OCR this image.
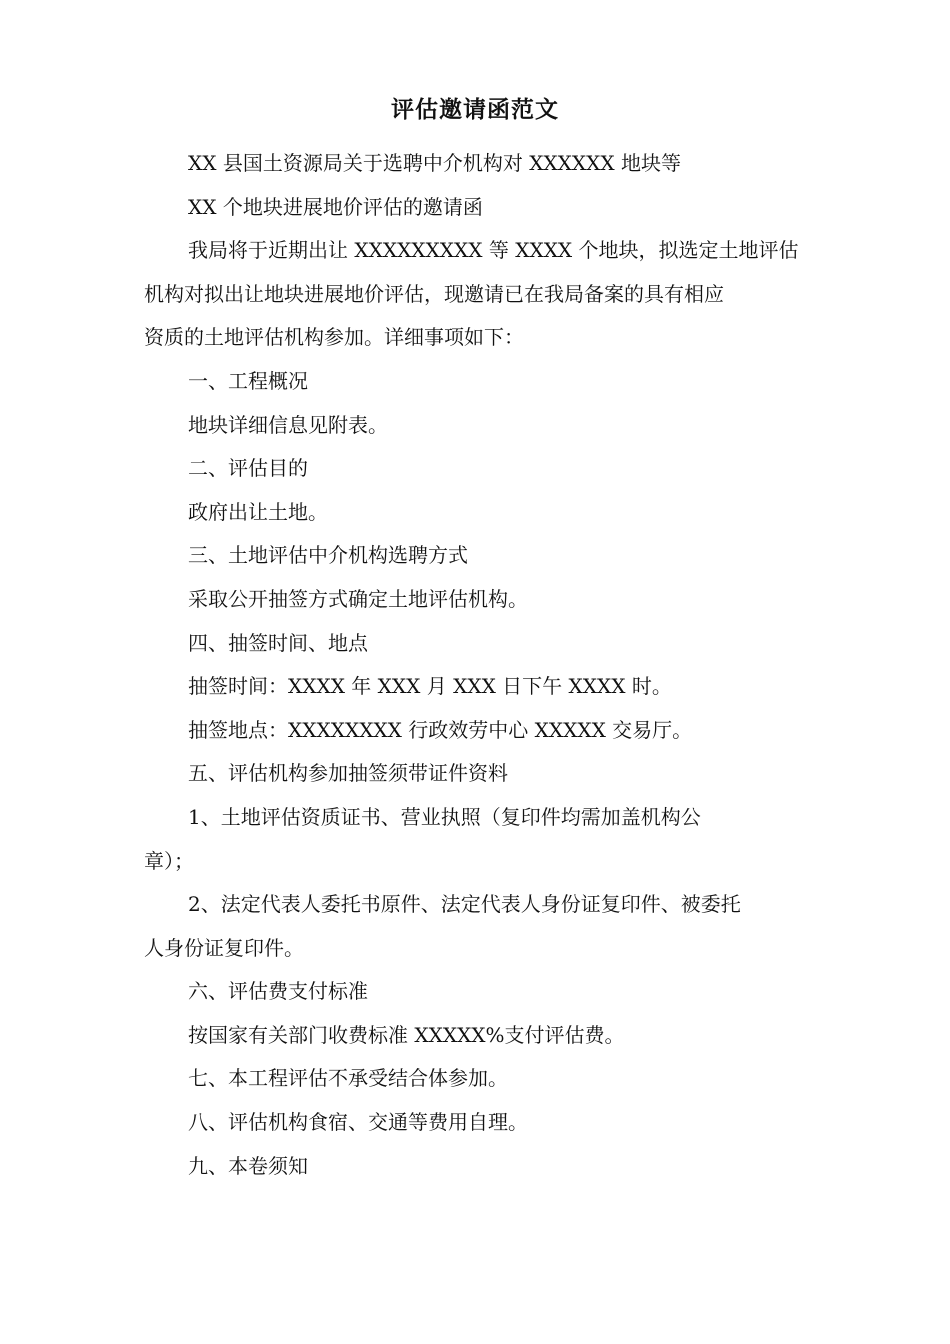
评估邀请函范文
XX 县国土资源局关于选聘中介机构对 XXXXXX 地块等
XX 个地块进展地价评估的邀请函
我局将于近期出让 XXXXXXXXX 等 XXXX 个地块，拟选定土地评估
机构对拟出让地块进展地价评估，现邀请已在我局备案的具有相应
资质的土地评估机构参加。详细事项如下：
一、工程概况
地块详细信息见附表。
二、评估目的
政府出让土地。
三、土地评估中介机构选聘方式
采取公开抽签方式确定土地评估机构。
四、抽签时间、地点
抽签时间：XXXX 年 XXX 月 XXX 日下午 XXXX 时。
抽签地点：XXXXXXXX 行政效劳中心 XXXXX 交易厅。
五、评估机构参加抽签须带证件资料
1、土地评估资质证书、营业执照（复印件均需加盖机构公
章）；
2、法定代表人委托书原件、法定代表人身份证复印件、被委托
人身份证复印件。
六、评估费支付标准
按国家有关部门收费标准 XXXXX%支付评估费。
七、本工程评估不承受结合体参加。
八、评估机构食宿、交通等费用自理。
九、本卷须知
